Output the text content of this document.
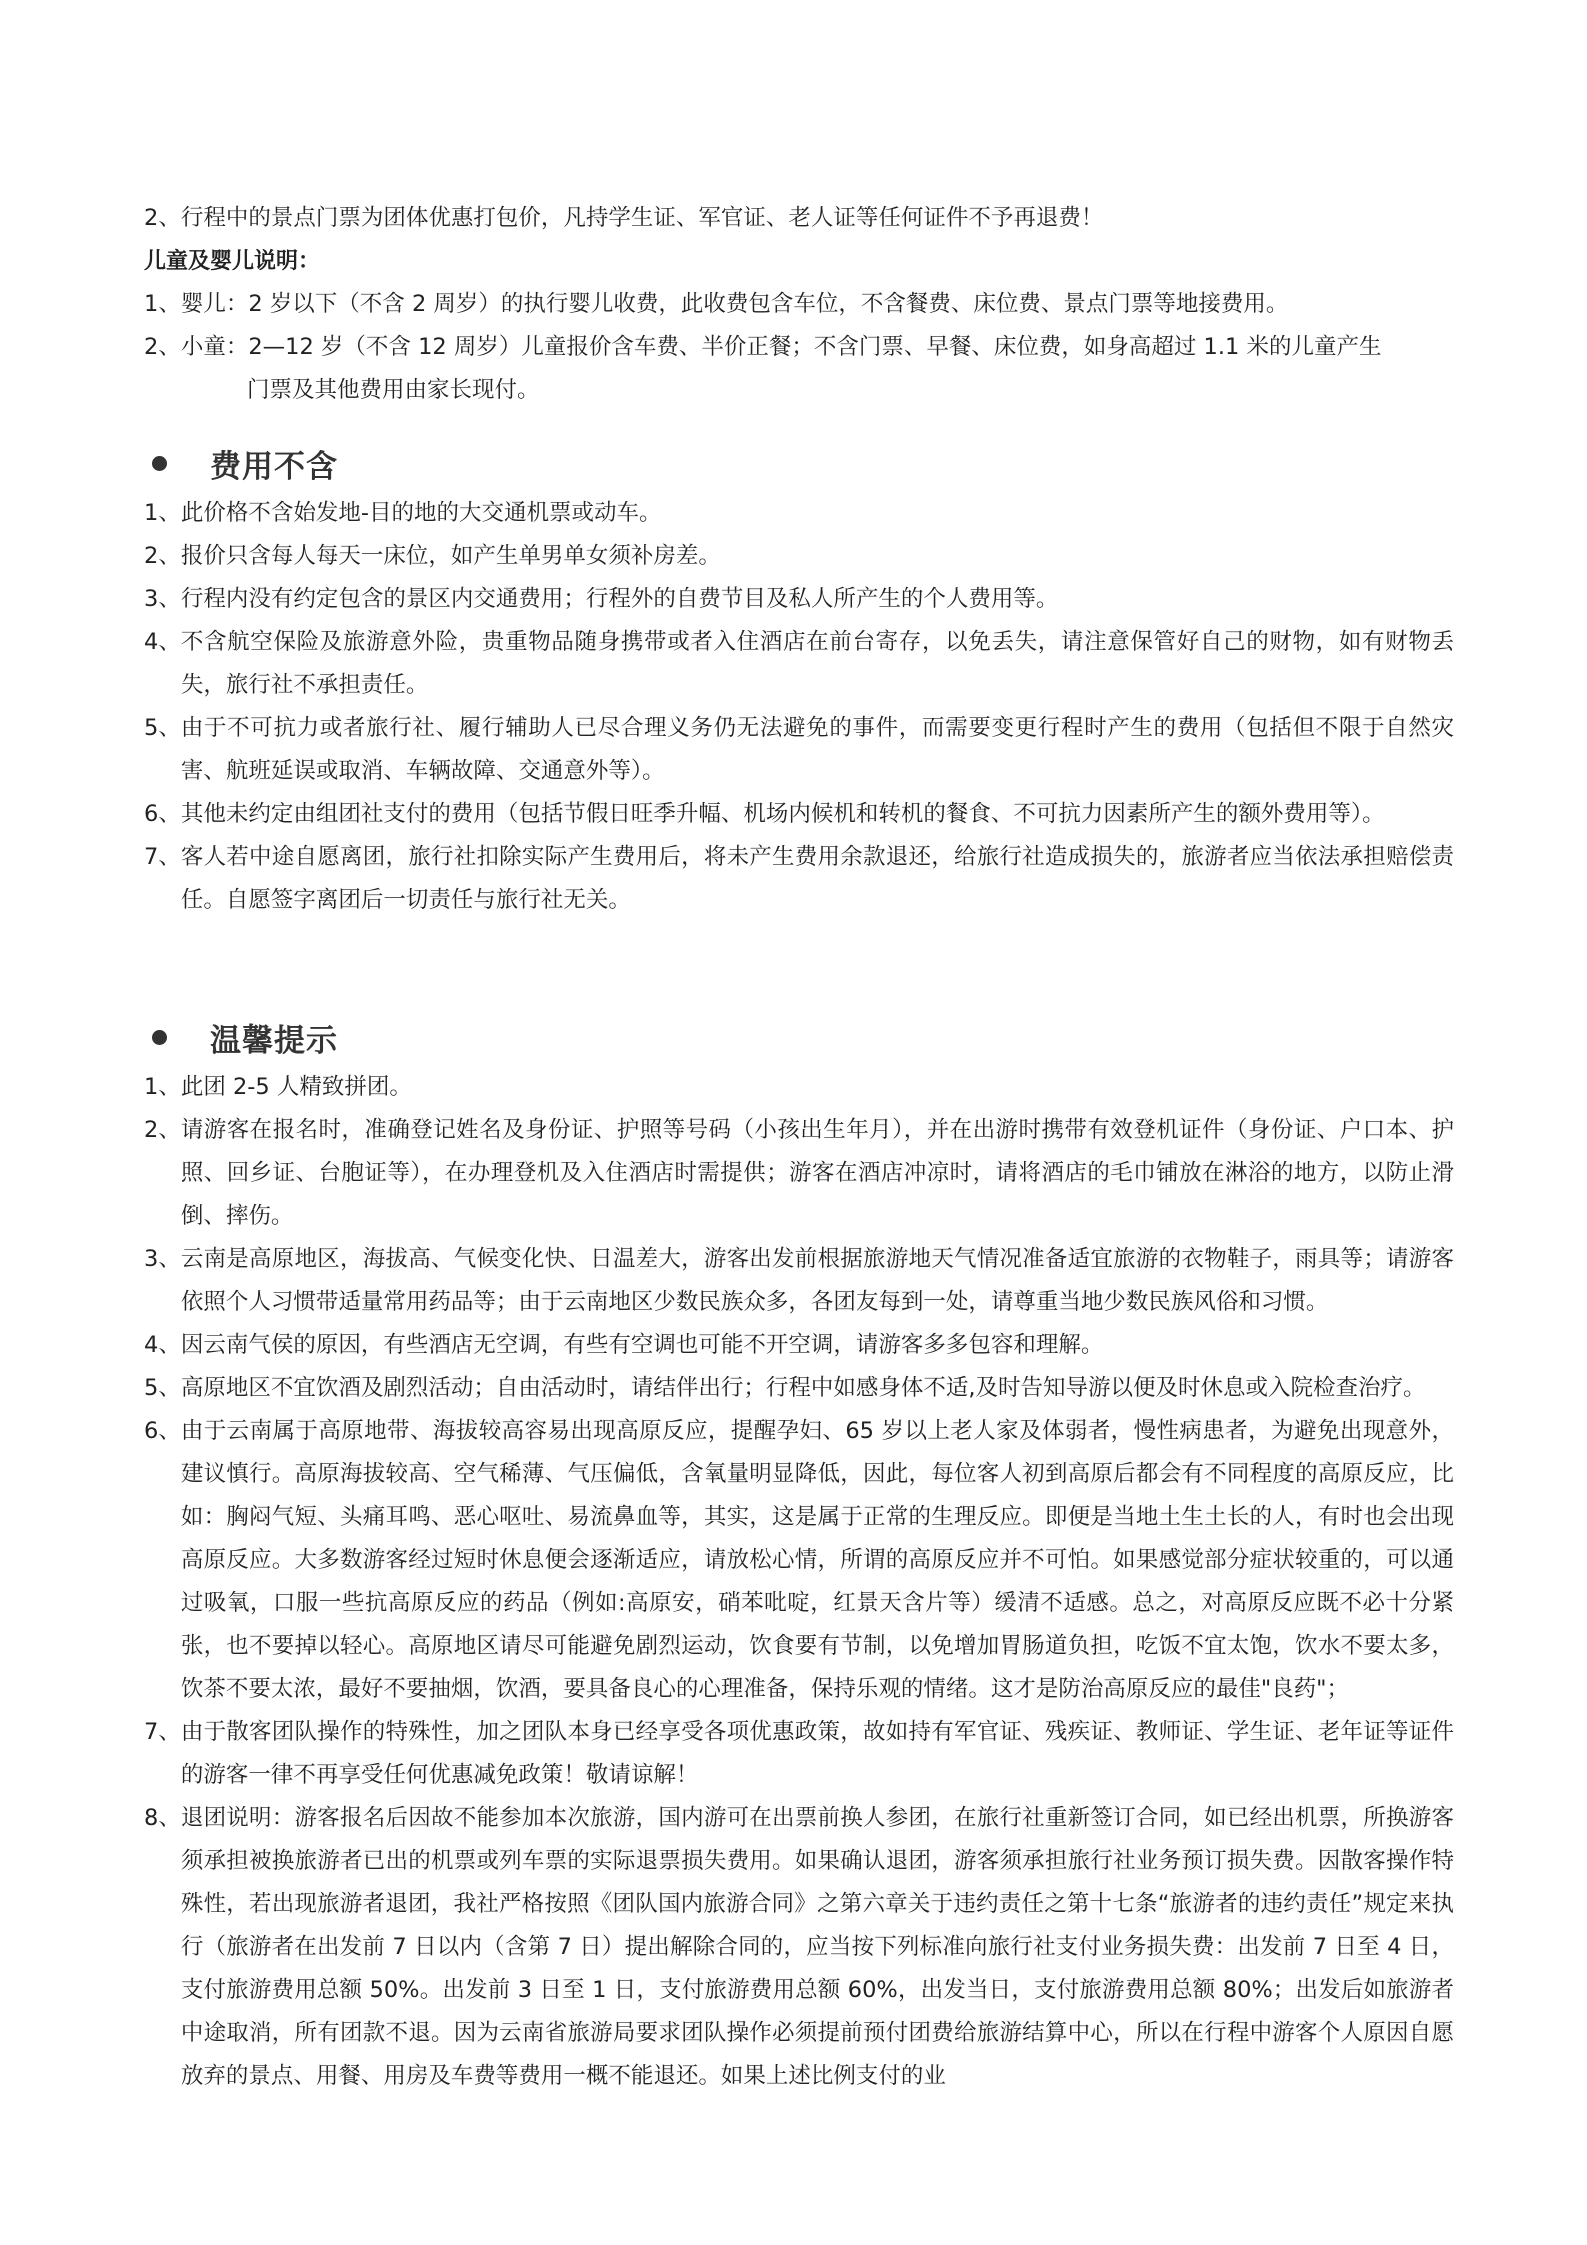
2、 行程中的景点门票为团体优惠打包价，凡持学生证、军官证、老人证等任何证件不予再退费！
儿童及婴儿说明：
1、 婴儿：2 岁以下（不含 2 周岁）的执行婴儿收费，此收费包含车位，不含餐费、床位费、景点门票等地接费用。
2、 小童：2—12 岁（不含 12 周岁）儿童报价含车费、半价正餐；不含门票、早餐、床位费，如身高超过 1.1 米的儿童产生
门票及其他费用由家长现付。
费用不含
1、 此价格不含始发地-目的地的大交通机票或动车。
2、 报价只含每人每天一床位，如产生单男单女须补房差。
3、 行程内没有约定包含的景区内交通费用；行程外的自费节目及私人所产生的个人费用等。
4、 不含航空保险及旅游意外险，贵重物品随身携带或者入住酒店在前台寄存，以免丢失，请注意保管好自己的财物，如有财物丢失，旅行社不承担责任。
5、 由于不可抗力或者旅行社、履行辅助人已尽合理义务仍无法避免的事件，而需要变更行程时产生的费用（包括但不限于自然灾害、航班延误或取消、车辆故障、交通意外等）。
6、 其他未约定由组团社支付的费用（包括节假日旺季升幅、机场内候机和转机的餐食、不可抗力因素所产生的额外费用等）。
7、 客人若中途自愿离团，旅行社扣除实际产生费用后，将未产生费用余款退还，给旅行社造成损失的，旅游者应当依法承担赔偿责任。自愿签字离团后一切责任与旅行社无关。
温馨提示
1、 此团 2-5 人精致拼团。
2、 请游客在报名时，准确登记姓名及身份证、护照等号码（小孩出生年月），并在出游时携带有效登机证件（身份证、户口本、护照、回乡证、台胞证等），在办理登机及入住酒店时需提供；游客在酒店冲凉时，请将酒店的毛巾铺放在淋浴的地方，以防止滑倒、摔伤。
3、 云南是高原地区，海拔高、气候变化快、日温差大，游客出发前根据旅游地天气情况准备适宜旅游的衣物鞋子，雨具等；请游客依照个人习惯带适量常用药品等；由于云南地区少数民族众多，各团友每到一处，请尊重当地少数民族风俗和习惯。
4、 因云南气侯的原因，有些酒店无空调，有些有空调也可能不开空调，请游客多多包容和理解。
5、 高原地区不宜饮酒及剧烈活动；自由活动时，请结伴出行；行程中如感身体不适,及时告知导游以便及时休息或入院检查治疗。
6、 由于云南属于高原地带、海拔较高容易出现高原反应，提醒孕妇、65 岁以上老人家及体弱者，慢性病患者，为避免出现意外，建议慎行。高原海拔较高、空气稀薄、气压偏低，含氧量明显降低，因此，每位客人初到高原后都会有不同程度的高原反应，比如：胸闷气短、头痛耳鸣、恶心呕吐、易流鼻血等，其实，这是属于正常的生理反应。即便是当地土生土长的人，有时也会出现高原反应。大多数游客经过短时休息便会逐渐适应，请放松心情，所谓的高原反应并不可怕。如果感觉部分症状较重的，可以通过吸氧，口服一些抗高原反应的药品（例如:高原安，硝苯吡啶，红景天含片等）缓清不适感。总之，对高原反应既不必十分紧张，也不要掉以轻心。高原地区请尽可能避免剧烈运动，饮食要有节制，以免增加胃肠道负担，吃饭不宜太饱，饮水不要太多，饮茶不要太浓，最好不要抽烟，饮酒，要具备良心的心理准备，保持乐观的情绪。这才是防治高原反应的最佳"良药"；
7、 由于散客团队操作的特殊性，加之团队本身已经享受各项优惠政策，故如持有军官证、残疾证、教师证、学生证、老年证等证件的游客一律不再享受任何优惠减免政策！敬请谅解！
8、 退团说明：游客报名后因故不能参加本次旅游，国内游可在出票前换人参团，在旅行社重新签订合同，如已经出机票，所换游客须承担被换旅游者已出的机票或列车票的实际退票损失费用。如果确认退团，游客须承担旅行社业务预订损失费。因散客操作特殊性，若出现旅游者退团，我社严格按照《团队国内旅游合同》之第六章关于违约责任之第十七条“旅游者的违约责任”规定来执行（旅游者在出发前 7 日以内（含第 7 日）提出解除合同的，应当按下列标准向旅行社支付业务损失费：出发前 7 日至 4 日，支付旅游费用总额 50%。出发前 3 日至 1 日，支付旅游费用总额 60%，出发当日，支付旅游费用总额 80%；出发后如旅游者中途取消，所有团款不退。因为云南省旅游局要求团队操作必须提前预付团费给旅游结算中心，所以在行程中游客个人原因自愿放弃的景点、用餐、用房及车费等费用一概不能退还。如果上述比例支付的业
